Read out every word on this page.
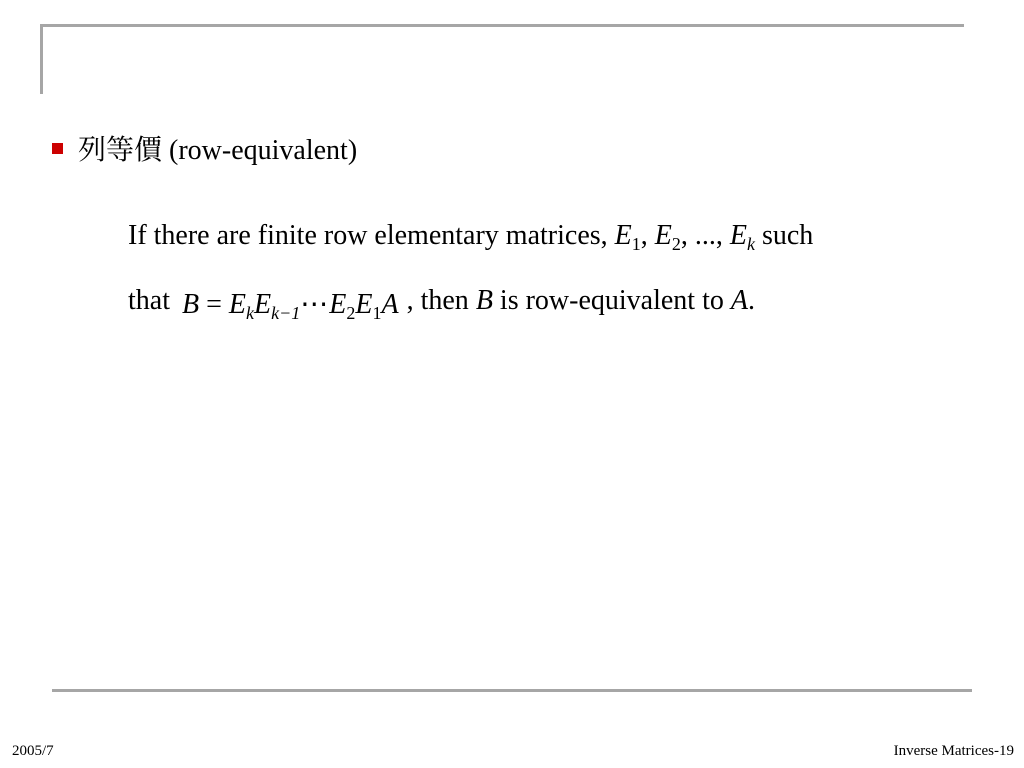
列等價 (row-equivalent)
If there are finite row elementary matrices, $E_1$, $E_2$, ..., $E_k$ such
that $B = E_kE_{k-1}\cdots E_2E_1A$ , then B is row-equivalent to A.
2005/7	Inverse Matrices-19
